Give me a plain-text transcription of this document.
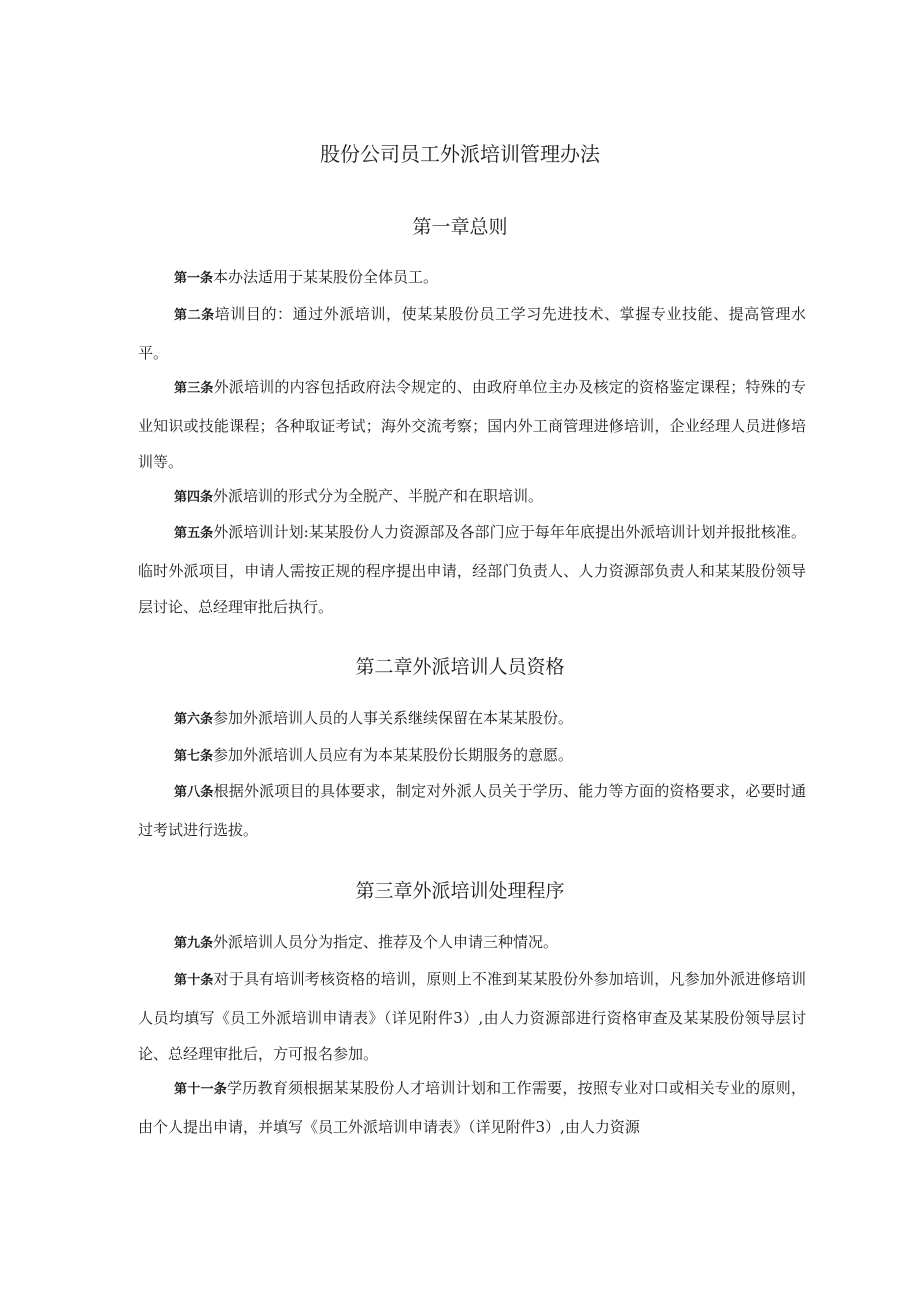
股份公司员工外派培训管理办法
第一章总则

第一条本办法适用于某某股份全体员工。

第二条培训目的：通过外派培训，使某某股份员工学习先进技术、掌握专业技能、提高管理水平。

第三条外派培训的内容包括政府法令规定的、由政府单位主办及核定的资格鉴定课程；特殊的专业知识或技能课程；各种取证考试；海外交流考察；国内外工商管理进修培训，企业经理人员进修培训等。

第四条外派培训的形式分为全脱产、半脱产和在职培训。

第五条外派培训计划:某某股份人力资源部及各部门应于每年年底提出外派培训计划并报批核准。临时外派项目，申请人需按正规的程序提出申请，经部门负责人、人力资源部负责人和某某股份领导层讨论、总经理审批后执行。

第二章外派培训人员资格

第六条参加外派培训人员的人事关系继续保留在本某某股份。

第七条参加外派培训人员应有为本某某股份长期服务的意愿。

第八条根据外派项目的具体要求，制定对外派人员关于学历、能力等方面的资格要求，必要时通过考试进行选拔。

第三章外派培训处理程序

第九条外派培训人员分为指定、推荐及个人申请三种情况。

第十条对于具有培训考核资格的培训，原则上不准到某某股份外参加培训，凡参加外派进修培训人员均填写《员工外派培训申请表》（详见附件3）,由人力资源部进行资格审查及某某股份领导层讨论、总经理审批后，方可报名参加。

第十一条学历教育须根据某某股份人才培训计划和工作需要，按照专业对口或相关专业的原则，由个人提出申请，并填写《员工外派培训申请表》（详见附件3）,由人力资源
